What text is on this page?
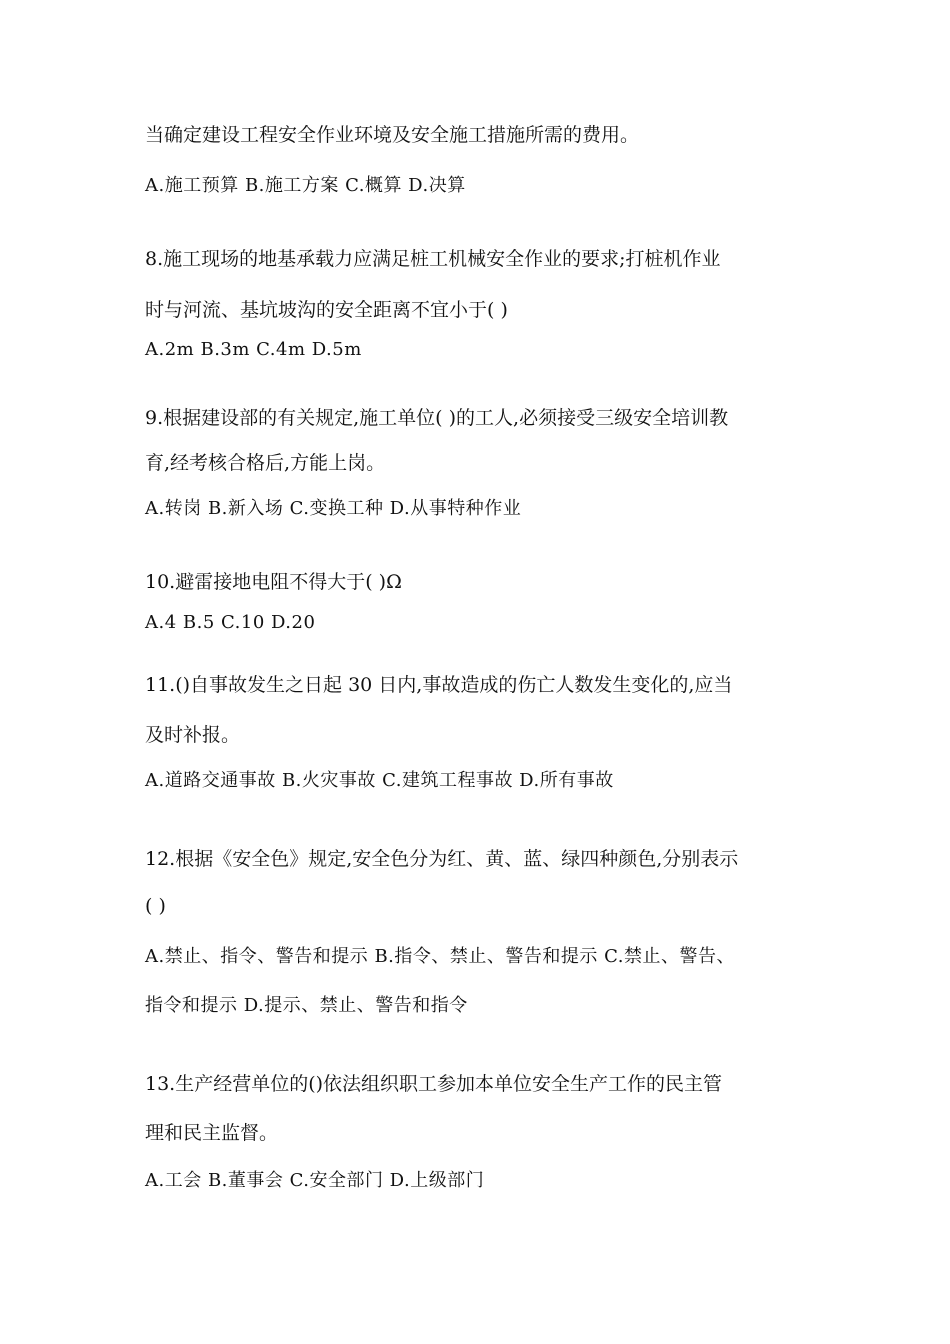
当确定建设工程安全作业环境及安全施工措施所需的费用。
A.施工预算 B.施工方案 C.概算 D.决算
8.施工现场的地基承载力应满足桩工机械安全作业的要求;打桩机作业
时与河流、基坑坡沟的安全距离不宜小于( )
A.2m B.3m C.4m D.5m
9.根据建设部的有关规定,施工单位( )的工人,必须接受三级安全培训教
育,经考核合格后,方能上岗。
A.转岗 B.新入场 C.变换工种 D.从事特种作业
10.避雷接地电阻不得大于( )Ω
A.4 B.5 C.10 D.20
11.()自事故发生之日起 30 日内,事故造成的伤亡人数发生变化的,应当
及时补报。
A.道路交通事故 B.火灾事故 C.建筑工程事故 D.所有事故
12.根据《安全色》规定,安全色分为红、黄、蓝、绿四种颜色,分别表示
( )
A.禁止、指令、警告和提示 B.指令、禁止、警告和提示 C.禁止、警告、
指令和提示 D.提示、禁止、警告和指令
13.生产经营单位的()依法组织职工参加本单位安全生产工作的民主管
理和民主监督。
A.工会 B.董事会 C.安全部门 D.上级部门
